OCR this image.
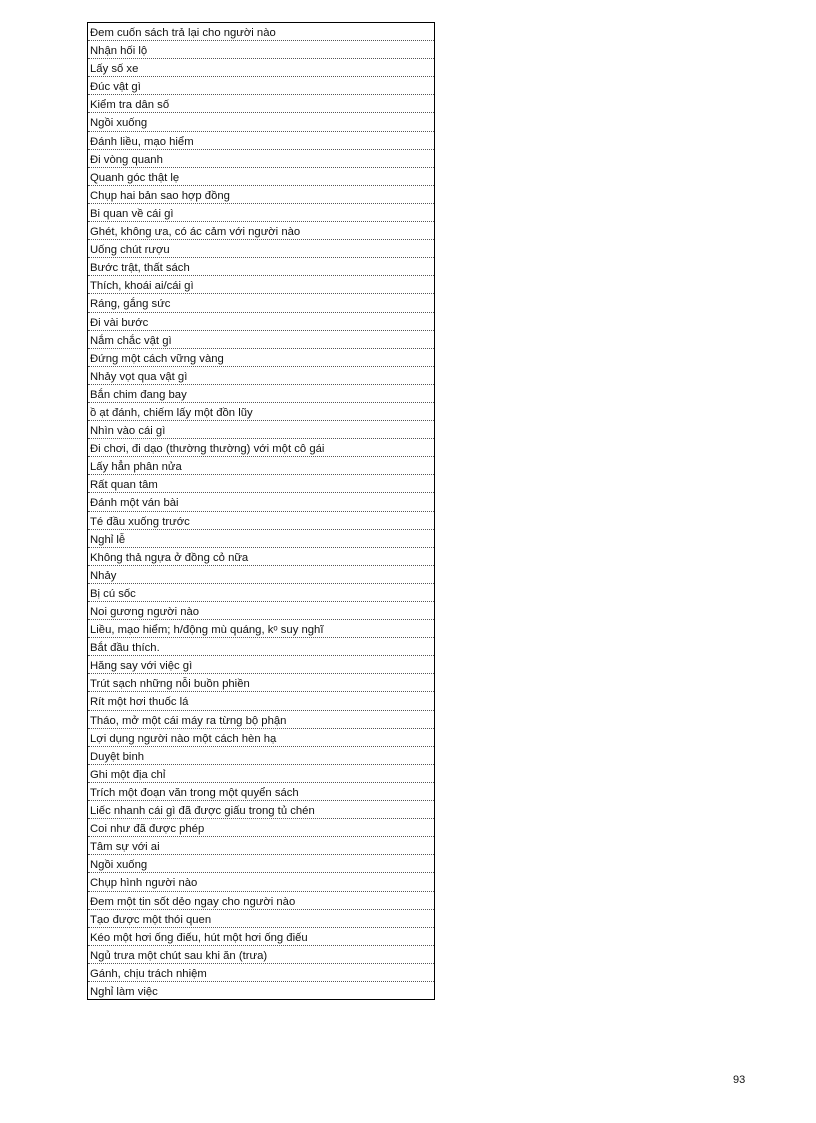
Đem cuốn sách trả lại cho người nào
Nhận hối lộ
Lấy số xe
Đúc vật gì
Kiểm tra dân số
Ngồi xuống
Đánh liều, mạo hiểm
Đi vòng quanh
Quanh góc thật lẹ
Chụp hai bản sao hợp đồng
Bi quan về cái gì
Ghét, không ưa, có ác cảm với người nào
Uống chút rượu
Bước trật, thất sách
Thích, khoái ai/cái gì
Ráng, gắng sức
Đi vài bước
Nắm chắc vật gì
Đứng một cách vững vàng
Nhảy vọt qua vật gì
Bắn chim đang bay
ồ ạt đánh, chiếm lấy một đồn lũy
Nhìn vào cái gì
Đi chơi, đi dạo (thường thường) với một cô gái
Lấy hẳn phân nửa
Rất quan tâm
Đánh một ván bài
Té đầu xuống trước
Nghỉ lễ
Không thả ngựa ở đồng cỏ nữa
Nhảy
Bị cú sốc
Noi gương người nào
Liều, mạo hiểm; h/động mù quáng, kᵒ suy nghĩ
Bắt đầu thích.
Hăng say với việc gì
Trút sạch những nỗi buồn phiền
Rít một hơi thuốc lá
Tháo, mở một cái máy ra từng bộ phận
Lợi dụng người nào một cách hèn hạ
Duyệt binh
Ghi một địa chỉ
Trích một đoạn văn trong một quyển sách
Liếc nhanh cái gì đã được giấu trong tủ chén
Coi như đã được phép
Tâm sự với ai
Ngồi xuống
Chụp hình người nào
Đem một tin sốt dẻo ngay cho người nào
Tạo được một thói quen
Kéo một hơi ống điếu, hút một hơi ống điếu
Ngủ trưa một chút sau khi ăn (trưa)
Gánh, chịu trách nhiệm
Nghỉ làm việc
93
